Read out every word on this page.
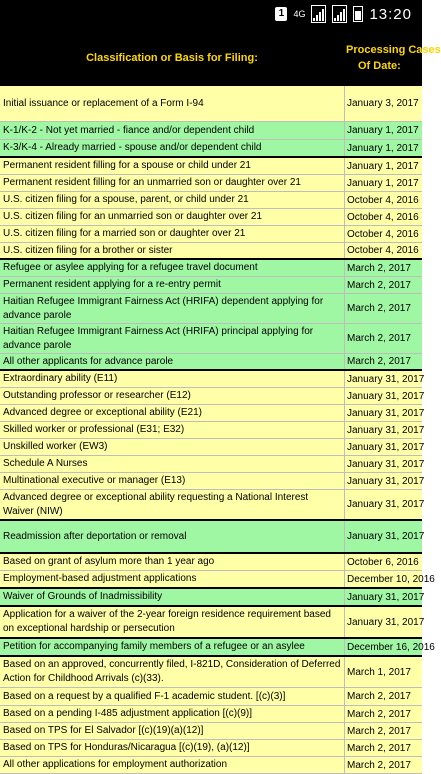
1	4G	13:20
Classification or Basis for Filing:
Processing Cases
Of Date:
Initial issuance or replacement of a Form I-94	January 3, 2017
K-1/K-2 - Not yet married - fiance and/or dependent child	January 1, 2017
K-3/K-4 - Already married - spouse and/or dependent child	January 1, 2017
Permanent resident filling for a spouse or child under 21	January 1, 2017
Permanent resident filling for an unmarried son or daughter over 21	January 1, 2017
U.S. citizen filing for a spouse, parent, or child under 21	October 4, 2016
U.S. citizen filing for an unmarried son or daughter over 21	October 4, 2016
U.S. citizen filing for a married son or daughter over 21	October 4, 2016
U.S. citizen filing for a brother or sister	October 4, 2016
Refugee or asylee applying for a refugee travel document	March 2, 2017
Permanent resident applying for a re-entry permit	March 2, 2017
Haitian Refugee Immigrant Fairness Act (HRIFA) dependent applying for advance parole
March 2, 2017
Haitian Refugee Immigrant Fairness Act (HRIFA) principal applying for advance parole
March 2, 2017
All other applicants for advance parole	March 2, 2017
Extraordinary ability (E11)	January 31, 2017
Outstanding professor or researcher (E12)	January 31, 2017
Advanced degree or exceptional ability (E21)	January 31, 2017
Skilled worker or professional (E31; E32)	January 31, 2017
Unskilled worker (EW3)	January 31, 2017
Schedule A Nurses	January 31, 2017
Multinational executive or manager (E13)	January 31, 2017
Advanced degree or exceptional ability requesting a National Interest Waiver (NIW)
January 31, 2017
Readmission after deportation or removal	January 31, 2017
Based on grant of asylum more than 1 year ago	October 6, 2016
Employment-based adjustment applications	December 10, 2016
Waiver of Grounds of Inadmissibility	January 31, 2017
Application for a waiver of the 2-year foreign residence requirement based on exceptional hardship or persecution
January 31, 2017
Petition for accompanying family members of a refugee or an asylee	December 16, 2016
Based on an approved, concurrently filed, I-821D, Consideration of Deferred Action for Childhood Arrivals (c)(33).
March 1, 2017
Based on a request by a qualified F-1 academic student. [(c)(3)]	March 2, 2017
Based on a pending I-485 adjustment application [(c)(9)]	March 2, 2017
Based on TPS for El Salvador [(c)(19)(a)(12)]	March 2, 2017
Based on TPS for Honduras/Nicaragua [(c)(19), (a)(12)]	March 2, 2017
All other applications for employment authorization	March 2, 2017
